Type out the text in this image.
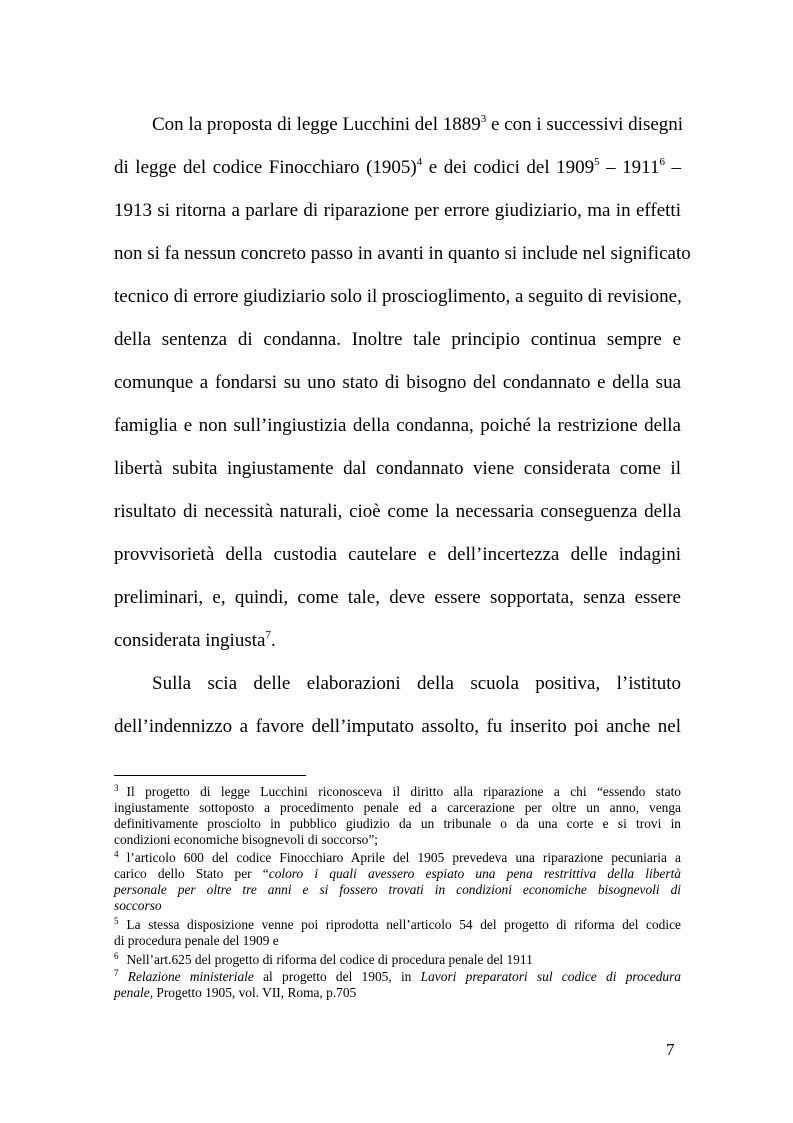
Con la proposta di legge Lucchini del 1889$^3$ e con i successivi disegni
di legge del codice Finocchiaro $(1905)^4$ e dei codici del 1909$^5$ – 1911$^6$ –
1913 si ritorna a parlare di riparazione per errore giudiziario, ma in effetti
non si fa nessun concreto passo in avanti in quanto si include nel significato
tecnico di errore giudiziario solo il proscioglimento, a seguito di revisione,
della sentenza di condanna. Inoltre tale principio continua sempre e
comunque a fondarsi su uno stato di bisogno del condannato e della sua
famiglia e non sull’ingiustizia della condanna, poiché la restrizione della
libertà subita ingiustamente dal condannato viene considerata come il
risultato di necessità naturali, cioè come la necessaria conseguenza della
provvisorietà della custodia cautelare e dell’incertezza delle indagini
preliminari, e, quindi, come tale, deve essere sopportata, senza essere
considerata ingiusta$^7$.
Sulla scia delle elaborazioni della scuola positiva, l’istituto
dell’indennizzo a favore dell’imputato assolto, fu inserito poi anche nel
$^3$ Il progetto di legge Lucchini riconosceva il diritto alla riparazione a chi “essendo stato
ingiustamente sottoposto a procedimento penale ed a carcerazione per oltre un anno, venga
definitivamente prosciolto in pubblico giudizio da un tribunale o da una corte e si trovi in
condizioni economiche bisognevoli di soccorso”;
$^4$ l’articolo 600 del codice Finocchiaro Aprile del 1905 prevedeva una riparazione pecuniaria a
carico dello Stato per “coloro i quali avessero espiato una pena restrittiva della libertà
personale per oltre tre anni e si fossero trovati in condizioni economiche bisognevoli di
soccorso
$^5$ La stessa disposizione venne poi riprodotta nell’articolo 54 del progetto di riforma del codice
di procedura penale del 1909 e
$^6$ Nell’art.625 del progetto di riforma del codice di procedura penale del 1911
$^7$ Relazione ministeriale al progetto del 1905, in Lavori preparatori sul codice di procedura
penale, Progetto 1905, vol. VII, Roma, p.705
7
